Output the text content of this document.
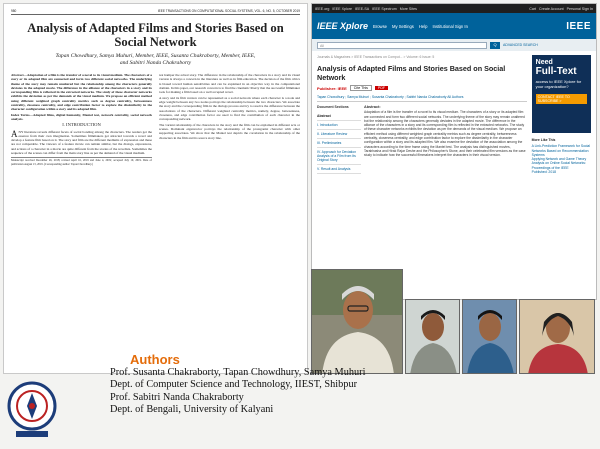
980	IEEE TRANSACTIONS ON COMPUTATIONAL SOCIAL SYSTEMS, VOL. 6, NO. 5, OCTOBER 2019
Analysis of Adapted Films and Stories Based on Social Network
Tapan Chowdhury, Samya Muhuri, Member, IEEE, Susanta Chakraborty, Member, IEEE,
and Sabitri Nanda Chakraborty

Abstract—Adaptation of a film is the transfer of a novel to its visual medium. The characters of a story or its adapted film are connected and form two different social networks. The underlying theme of the story may remain unaltered but the relationship among the characters generally deviates in the adapted movie. The difference in the alliance of the characters in a story and its corresponding film is reflected in the extracted networks. The study of these character networks exhibits the deviation as per the demands of the visual medium. We propose an efficient method using different weighted graph centrality metrics such as degree centrality, betweenness centrality, closeness centrality, and edge contribution factor to explore the dissimilarity in the character configuration within a story and its adapted film.

Index Terms—Adapted films, digital humanity, Mantel test, network centrality, social network analysis.

I. INTRODUCTION

ANY literature reveals different facets of social bonding among the characters. The readers get the essence from their own imagination. Sometimes filmmakers get attracted towards a novel and develop a feature film based on it. The story and film are the different mediums of expression and these are not comparable. The viewers of a feature movie can remain similar, but the dialogs, expressions, and actions of a character in a movie are quite different from the stories of the novelists. Sometimes the sequence of the scenes can differ from the main story line as per the demand of the visual medium.

Manuscript received December 26, 2018; revised April 16, 2019 and June 4, 2019; accepted July 10, 2019. Date of publication August 13, 2019. (Corresponding author: Tapan Chowdhury.)

not hamper the actual story. The difference in the relationship of the characters in a story and its visual version is always a concern in the literature as well as in film education. The decision of the film critics is biased toward human sensitivities and can be explained in an objective way in the computational domain. In this paper, our research concern is to find the cinematic liberty that the successful filmmaker took for making a film based on a well accepted novel.

A story and its film version can be represented as a social network where each character is a node and edge weight between any two nodes portrays the relationship between the two characters. We associate the story and the corresponding film in the dialogs process and try to resolve the difference between the associations of the characters. Different weighted centrality metrics, namely, degree, betweenness, closeness, and edge contribution factor are used to find the contribution of each character in the corresponding network.

The variant relationship of the characters in the story and the film can be explained in different acts or scenes. Dominant eigenvector portrays the relationship of the protagonist character with other supporting associates. We show that the Mantel test depicts the correlation in the relationship of the characters in the film and its source story line.

IEEE.org IEEE Xplore IEEE-SA IEEE Spectrum More Sites	Cart Create Account Personal Sign In
IEEE Xplore Browse My Settings Help Institutional Sign In	IEEE
All	Q	ADVANCED SEARCH
Journals & Magazines > IEEE Transactions on Comput... > Volume: 6 Issue: 5
Analysis of Adapted Films and Stories Based on Social Network
Publisher: IEEE	Cite This	PDF
Tapan Chowdhury ; Samya Muhuri ; Susanta Chakraborty ; Sabitri Nanda Chakraborty All Authors
Document Sections
Abstract
I. Introduction
II. Literature Review
III. Preliminaries
IV. Approach for Deviation Analysis of a Film from Its Original Story
V. Result and Analysis
Abstract:
Adaptation of a film is the transfer of a novel to its visual medium. The characters of a story or its adapted film are connected and form two different social networks. The underlying theme of the story may remain unaltered but the relationship among the characters generally deviates in the adapted movie. The difference in the alliance of the characters in a story and its corresponding film is reflected in the extracted networks. The study of these character networks exhibits the deviation as per the demands of the visual medium. We propose an efficient method using different weighted graph centrality metrics such as degree centrality, betweenness centrality, closeness centrality, and edge contribution factor to explore the dissimilarity in the character configuration within a story and its adapted film. We also examine the deviation of the association among the characters according to the time frame using the Mantel test. The analysis has distinguished movies, Tarabhasha and Hirak Rajar Deshe and the Philosopher's Stone, and their celebrated film versions as the case study to indicate how the successful filmmakers interpret the characters in their visual version.
Need
Full-Text
access to IEEE Xplore for your organization?
CONTACT IEEE TO SUBSCRIBE >
More Like This
A Link-Prediction Framework for Social Networks Based on Recommendation Systems
Applying Network and Game Theory Analysis on Online Social Networks: Proceedings of the IEEE
Published: 2018
Authors
Prof. Susanta Chakraborty, Tapan Chowdhury, Samya Muhuri
Dept. of Computer Science and Technology, IIEST, Shibpur
Prof. Sabitri Nanda Chakraborty
Dept. of Bengali, University of Kalyani
